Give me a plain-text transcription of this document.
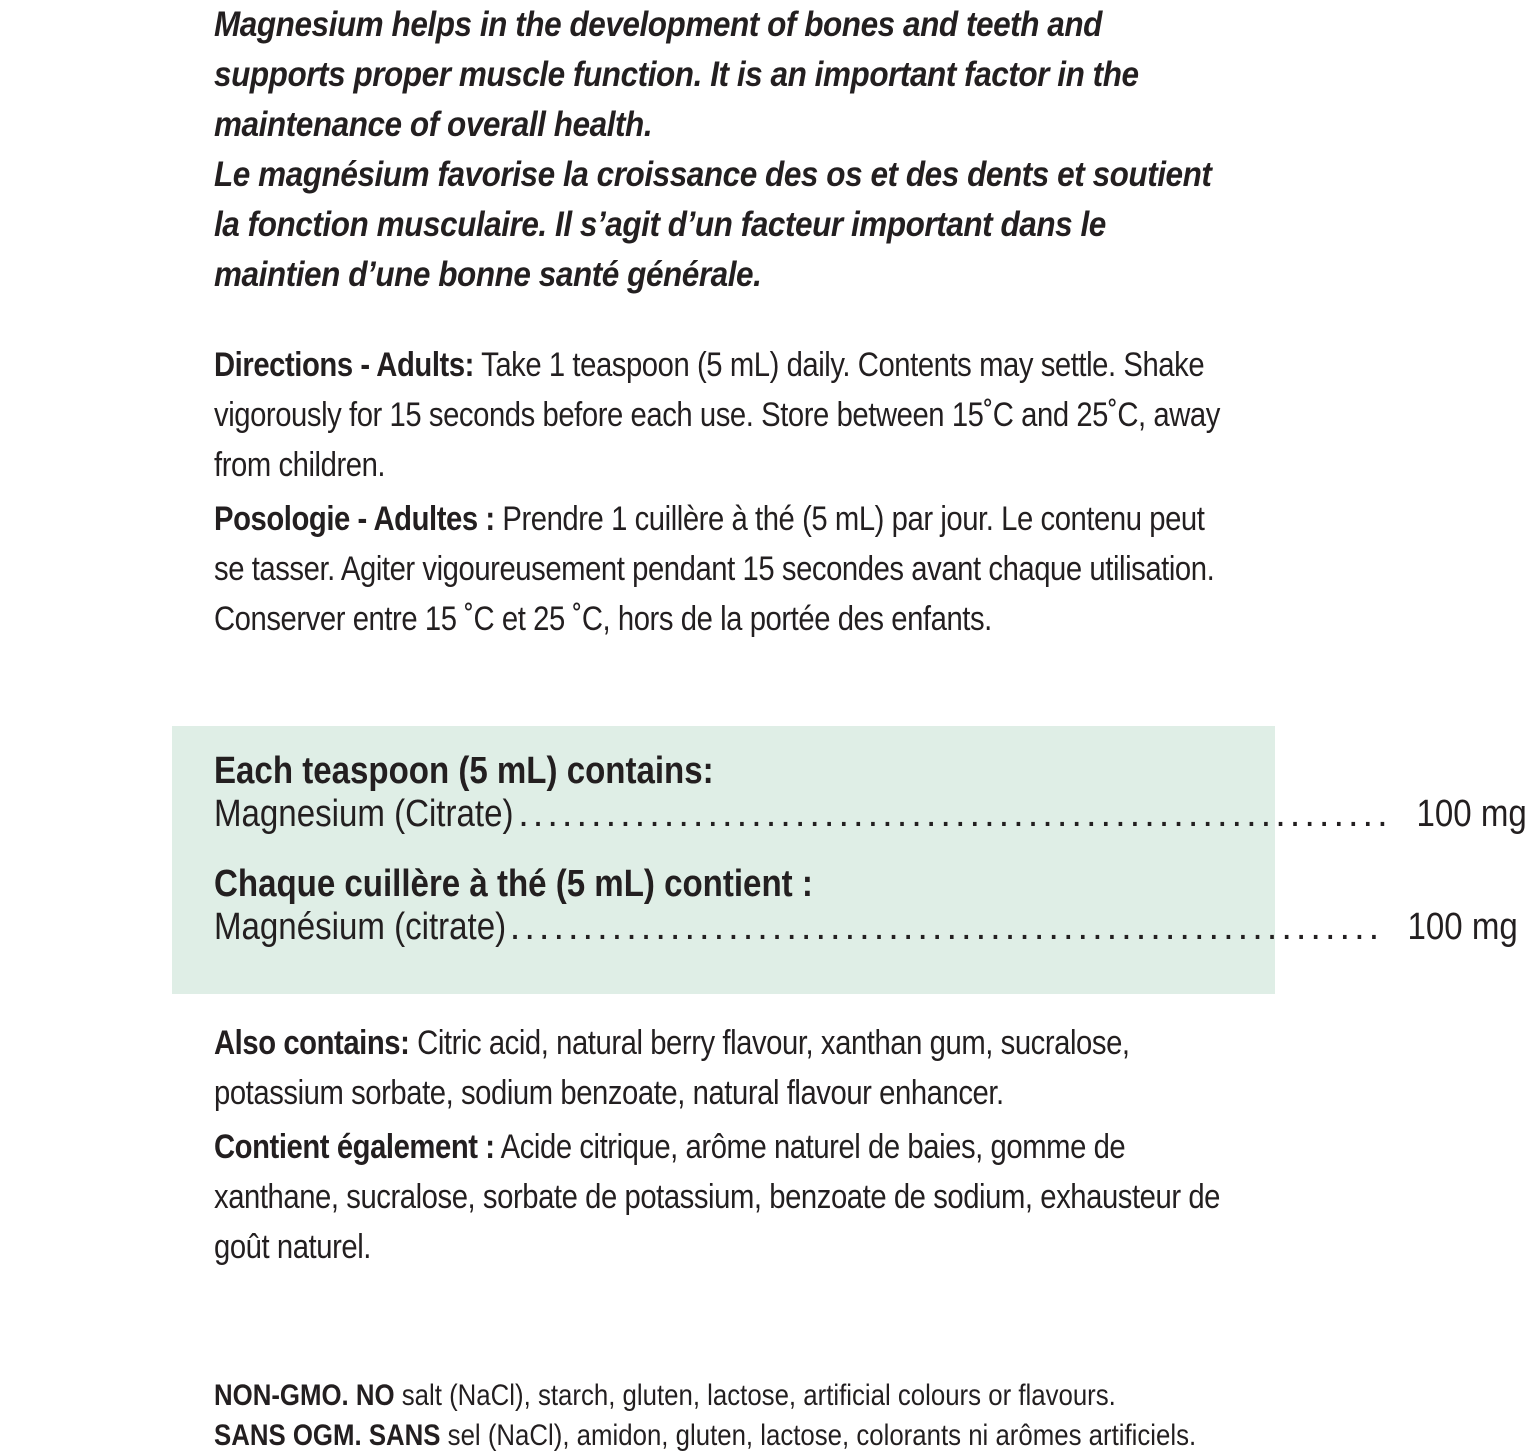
Magnesium helps in the development of bones and teeth and supports proper muscle function. It is an important factor in the maintenance of overall health.

Le magnésium favorise la croissance des os et des dents et soutient la fonction musculaire. Il s’agit d’un facteur important dans le maintien d’une bonne santé générale.

Directions - Adults: Take 1 teaspoon (5 mL) daily. Contents may settle. Shake vigorously for 15 seconds before each use. Store between 15˚C and 25˚C, away from children.

Posologie - Adultes : Prendre 1 cuillère à thé (5 mL) par jour. Le contenu peut se tasser. Agiter vigoureusement pendant 15 secondes avant chaque utilisation. Conserver entre 15 ˚C et 25 ˚C, hors de la portée des enfants.

Each teaspoon (5 mL) contains:
Magnesium (Citrate) ............................................................ 100 mg
Chaque cuillère à thé (5 mL) contient :
Magnésium (citrate) ............................................................ 100 mg

Also contains: Citric acid, natural berry flavour, xanthan gum, sucralose, potassium sorbate, sodium benzoate, natural flavour enhancer.

Contient également : Acide citrique, arôme naturel de baies, gomme de xanthane, sucralose, sorbate de potassium, benzoate de sodium, exhausteur de goût naturel.

NON-GMO. NO salt (NaCl), starch, gluten, lactose, artificial colours or flavours.

SANS OGM. SANS sel (NaCl), amidon, gluten, lactose, colorants ni arômes artificiels.
